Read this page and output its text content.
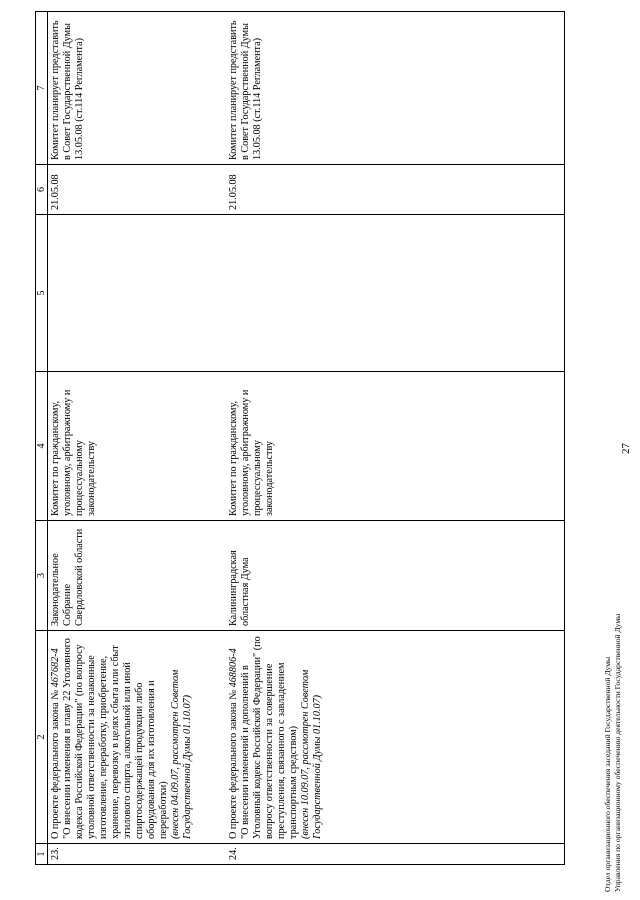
27
1	2	3	4	5	6	7
23.	О проекте федерального закона № 467682-4 "О внесении изменения в главу 22 Уголовного кодекса Российской Федерации" (по вопросу уголовной ответственности за незаконные изготовление, переработку, приобретение, хранение, перевозку в целях сбыта или сбыт этилового спирта, алкогольной или иной спиртосодержащей продукции либо оборудования для их изготовления и переработки) (внесен 04.09.07, рассмотрен Советом Государственной Думы 01.10.07)	Законодательное Собрание Свердловской области	Комитет по гражданскому, уголовному, арбитражному и процессуальному законодательству		21.05.08	Комитет планирует представить в Совет Государственной Думы 13.05.08 (ст.114 Регламента)
24.	О проекте федерального закона № 468806-4 "О внесении изменений и дополнений в Уголовный кодекс Российской Федерации" (по вопросу ответственности за совершение преступления, связанного с завладением транспортным средством) (внесен 10.09.07, рассмотрен Советом Государственной Думы 01.10.07)	Калининградская областная Дума	Комитет по гражданскому, уголовному, арбитражному и процессуальному законодательству		21.05.08	Комитет планирует представить в Совет Государственной Думы 13.05.08 (ст.114 Регламента)
Отдел организационного обеспечения заседаний Государственной Думы Управления по организационному обеспечению деятельности Государственной Думы
